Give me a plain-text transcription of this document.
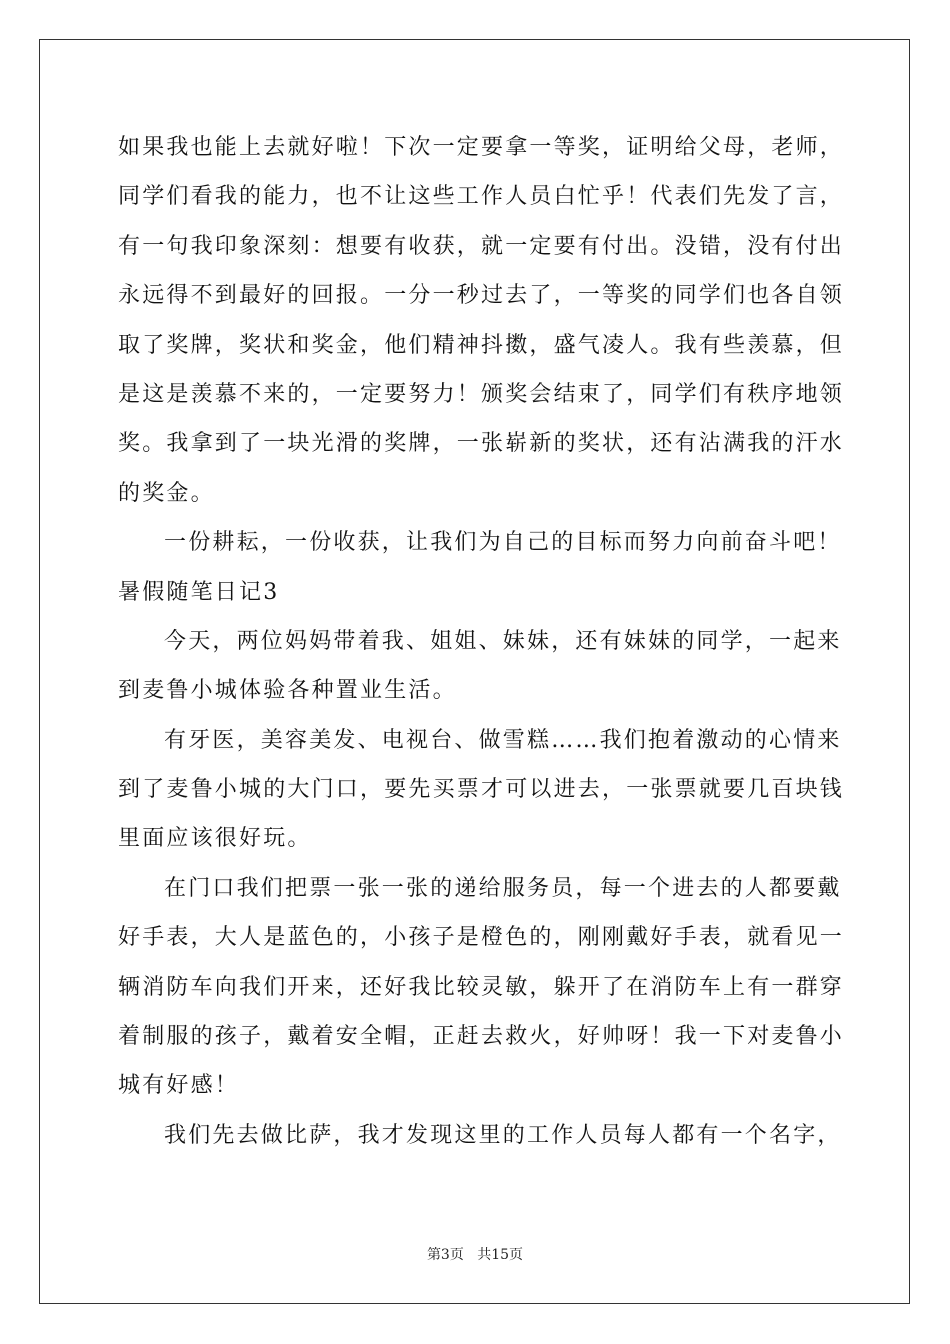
如果我也能上去就好啦！下次一定要拿一等奖，证明给父母，老师，
同学们看我的能力，也不让这些工作人员白忙乎！代表们先发了言，
有一句我印象深刻：想要有收获，就一定要有付出。没错，没有付出
永远得不到最好的回报。一分一秒过去了，一等奖的同学们也各自领
取了奖牌，奖状和奖金，他们精神抖擞，盛气凌人。我有些羡慕，但
是这是羡慕不来的，一定要努力！颁奖会结束了，同学们有秩序地领
奖。我拿到了一块光滑的奖牌，一张崭新的奖状，还有沾满我的汗水
的奖金。
一份耕耘，一份收获，让我们为自己的目标而努力向前奋斗吧！
暑假随笔日记3
今天，两位妈妈带着我、姐姐、妹妹，还有妹妹的同学，一起来
到麦鲁小城体验各种置业生活。
有牙医，美容美发、电视台、做雪糕……我们抱着激动的心情来
到了麦鲁小城的大门口，要先买票才可以进去，一张票就要几百块钱
里面应该很好玩。
在门口我们把票一张一张的递给服务员，每一个进去的人都要戴
好手表，大人是蓝色的，小孩子是橙色的，刚刚戴好手表，就看见一
辆消防车向我们开来，还好我比较灵敏，躲开了在消防车上有一群穿
着制服的孩子，戴着安全帽，正赶去救火，好帅呀！我一下对麦鲁小
城有好感！
我们先去做比萨，我才发现这里的工作人员每人都有一个名字，
第3页 共15页
